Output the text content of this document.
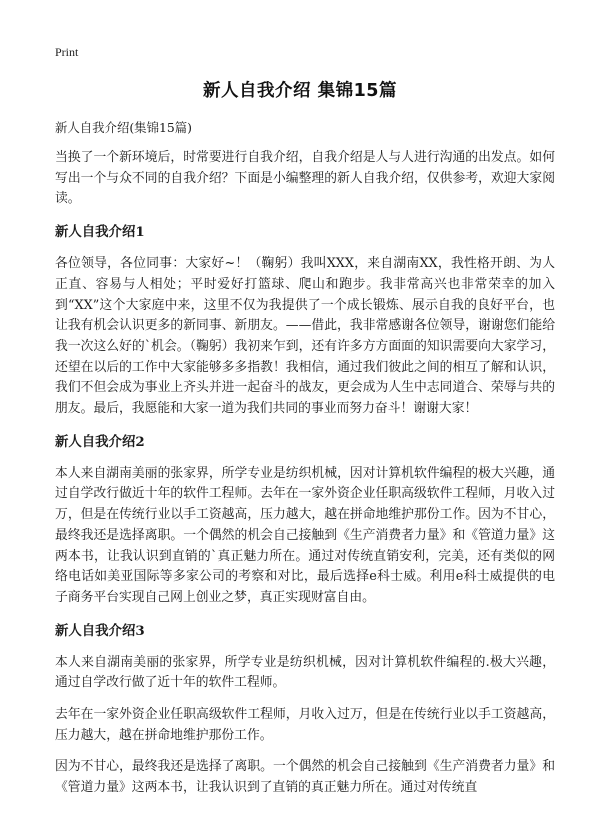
Print
新人自我介绍 集锦15篇

新人自我介绍(集锦15篇)

当换了一个新环境后，时常要进行自我介绍，自我介绍是人与人进行沟通的出发点。如何写出一个与众不同的自我介绍？下面是小编整理的新人自我介绍，仅供参考，欢迎大家阅读。

新人自我介绍1

各位领导，各位同事：大家好~！（鞠躬）我叫XXX，来自湖南XX，我性格开朗、为人正直、容易与人相处；平时爱好打篮球、爬山和跑步。我非常高兴也非常荣幸的加入到“XX”这个大家庭中来，这里不仅为我提供了一个成长锻炼、展示自我的良好平台，也让我有机会认识更多的新同事、新朋友。——借此，我非常感谢各位领导，谢谢您们能给我一次这么好的`机会。（鞠躬）我初来乍到，还有许多方方面面的知识需要向大家学习，还望在以后的工作中大家能够多多指教！我相信，通过我们彼此之间的相互了解和认识，我们不但会成为事业上齐头并进一起奋斗的战友，更会成为人生中志同道合、荣辱与共的朋友。最后，我愿能和大家一道为我们共同的事业而努力奋斗！谢谢大家！

新人自我介绍2

本人来自湖南美丽的张家界，所学专业是纺织机械，因对计算机软件编程的极大兴趣，通过自学改行做近十年的软件工程师。去年在一家外资企业任职高级软件工程师，月收入过万，但是在传统行业以手工资越高，压力越大，越在拼命地维护那份工作。因为不甘心，最终我还是选择离职。一个偶然的机会自己接触到《生产消费者力量》和《管道力量》这两本书，让我认识到直销的`真正魅力所在。通过对传统直销安利，完美，还有类似的网络电话如美亚国际等多家公司的考察和对比，最后选择e科士威。利用e科士威提供的电子商务平台实现自己网上创业之梦，真正实现财富自由。

新人自我介绍3

本人来自湖南美丽的张家界，所学专业是纺织机械，因对计算机软件编程的.极大兴趣，通过自学改行做了近十年的软件工程师。

去年在一家外资企业任职高级软件工程师，月收入过万，但是在传统行业以手工资越高，压力越大，越在拼命地维护那份工作。

因为不甘心，最终我还是选择了离职。一个偶然的机会自己接触到《生产消费者力量》和《管道力量》这两本书，让我认识到了直销的真正魅力所在。通过对传统直
